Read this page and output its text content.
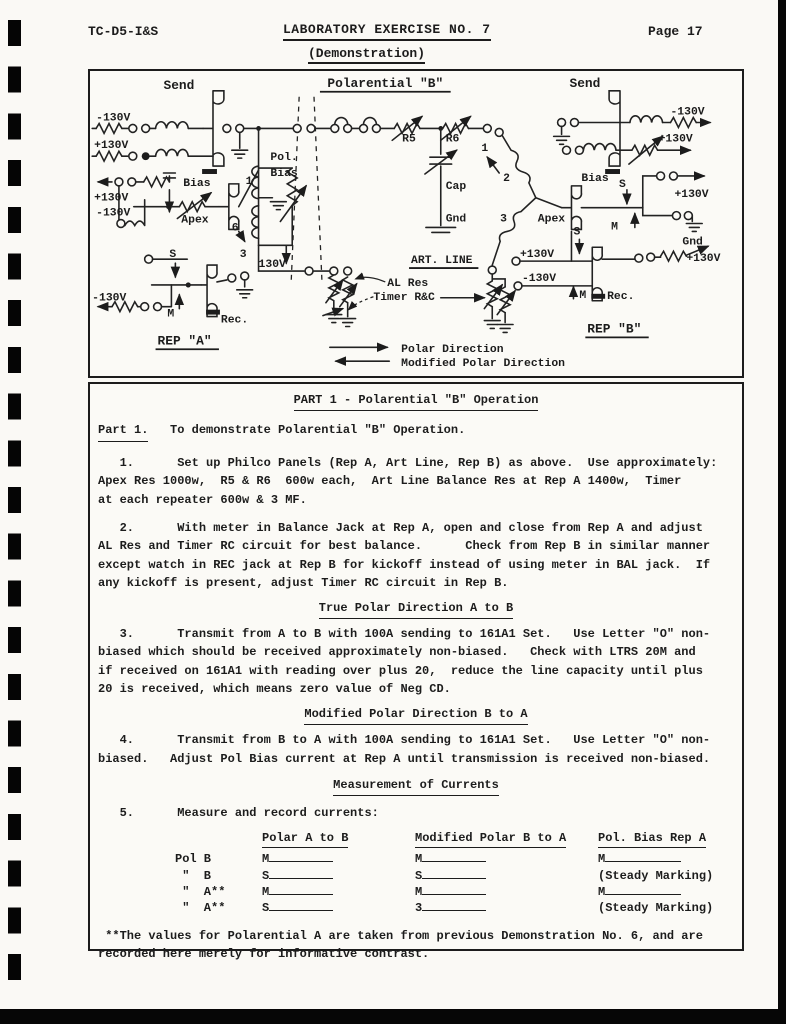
TC-D5-I&S	LABORATORY EXERCISE NO. 7	Page 17
(Demonstration)
Send	Polarential "B"	Send
-130V
+130V
Bias
+130V
-130V
Apex
Pol.
Bias
1
6
3
130V
S
-130V
M	Rec.
REP "A"
R5	R6
1
2
3
Cap
Gnd
ART. LINE
AL Res
Timer R&C
Polar Direction
Modified Polar Direction
-130V
+130V
Bias
Apex
S
M
+130V
Gnd
+130V
S
-130V
M Rec.
+130V
REP "B"
PART 1 - Polarential "B" Operation
Part 1.   To demonstrate Polarential "B" Operation.
1.      Set up Philco Panels (Rep A, Art Line, Rep B) as above.  Use approximately:
Apex Res 1000w,  R5 & R6  600w each,  Art Line Balance Res at Rep A 1400w,  Timer
at each repeater 600w & 3 MF.
2.      With meter in Balance Jack at Rep A, open and close from Rep A and adjust
AL Res and Timer RC circuit for best balance.      Check from Rep B in similar manner
except watch in REC jack at Rep B for kickoff instead of using meter in BAL jack.  If
any kickoff is present, adjust Timer RC circuit in Rep B.
True Polar Direction A to B
3.      Transmit from A to B with 100A sending to 161A1 Set.   Use Letter "O" non-
biased which should be received approximately non-biased.   Check with LTRS 20M and
if received on 161A1 with reading over plus 20,  reduce the line capacity until plus
20 is received, which means zero value of Neg CD.
Modified Polar Direction B to A
4.      Transmit from B to A with 100A sending to 161A1 Set.   Use Letter "O" non-
biased.   Adjust Pol Bias current at Rep A until transmission is received non-biased.
Measurement of Currents
5.      Measure and record currents:
Polar A to B	Modified Polar B to A	Pol. Bias Rep A
Pol B	M	M	M
"  B	S	S	(Steady Marking)
"  A**	M	M	M
"  A**	S	3	(Steady Marking)
**The values for Polarential A are taken from previous Demonstration No. 6, and are
recorded here merely for informative contrast.
